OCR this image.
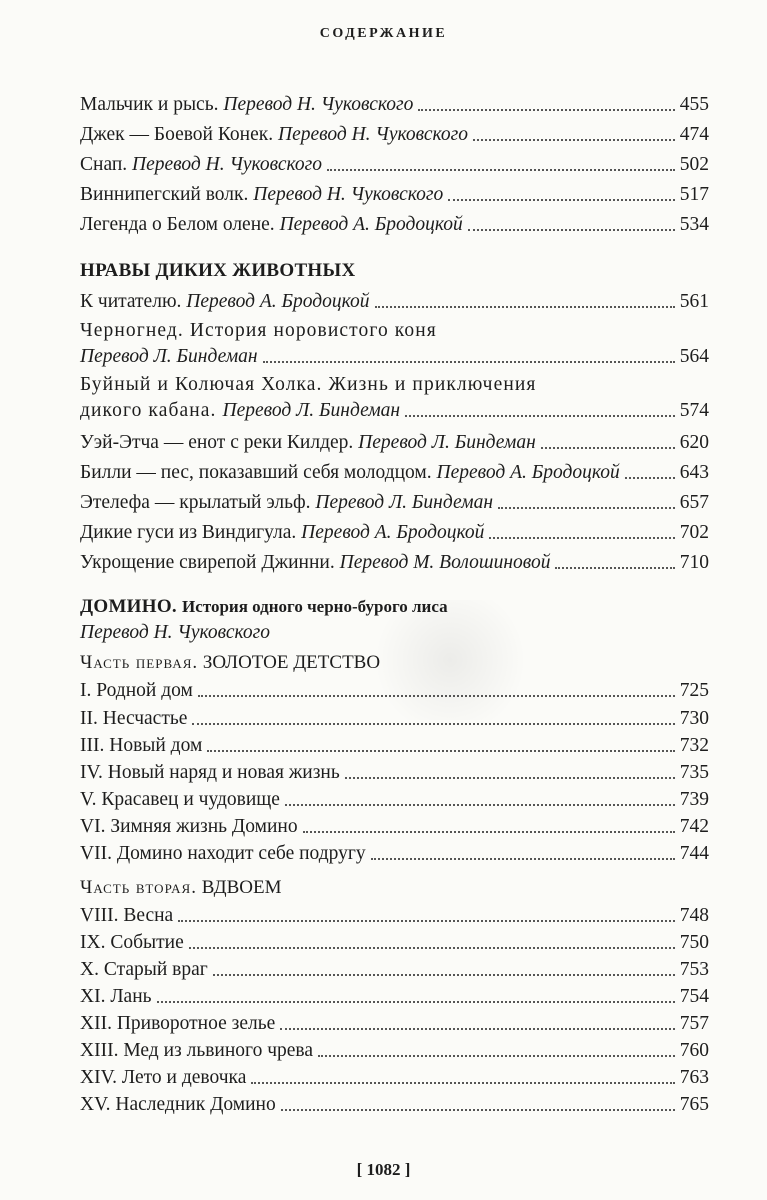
СОДЕРЖАНИЕ
Мальчик и рысь. Перевод Н. Чуковского	455
Джек — Боевой Конек. Перевод Н. Чуковского	474
Снап. Перевод Н. Чуковского	502
Виннипегский волк. Перевод Н. Чуковского	517
Легенда о Белом олене. Перевод А. Бродоцкой	534
НРАВЫ ДИКИХ ЖИВОТНЫХ
К читателю. Перевод А. Бродоцкой	561
Черногнед. История норовистого коня
Перевод Л. Биндеман	564
Буйный и Колючая Холка. Жизнь и приключения
дикого кабана. Перевод Л. Биндеман	574
Уэй-Этча — енот с реки Килдер. Перевод Л. Биндеман	620
Билли — пес, показавший себя молодцом. Перевод А. Бродоцкой	643
Этелефа — крылатый эльф. Перевод Л. Биндеман	657
Дикие гуси из Виндигула. Перевод А. Бродоцкой	702
Укрощение свирепой Джинни. Перевод М. Волошиновой	710
ДОМИНО. История одного черно-бурого лиса
Перевод Н. Чуковского
Часть первая. ЗОЛОТОЕ ДЕТСТВО
I. Родной дом	725
II. Несчастье	730
III. Новый дом	732
IV. Новый наряд и новая жизнь	735
V. Красавец и чудовище	739
VI. Зимняя жизнь Домино	742
VII. Домино находит себе подругу	744
Часть вторая. ВДВОЕМ
VIII. Весна	748
IX. Событие	750
X. Старый враг	753
XI. Лань	754
XII. Приворотное зелье	757
XIII. Мед из львиного чрева	760
XIV. Лето и девочка	763
XV. Наследник Домино	765
[ 1082 ]
